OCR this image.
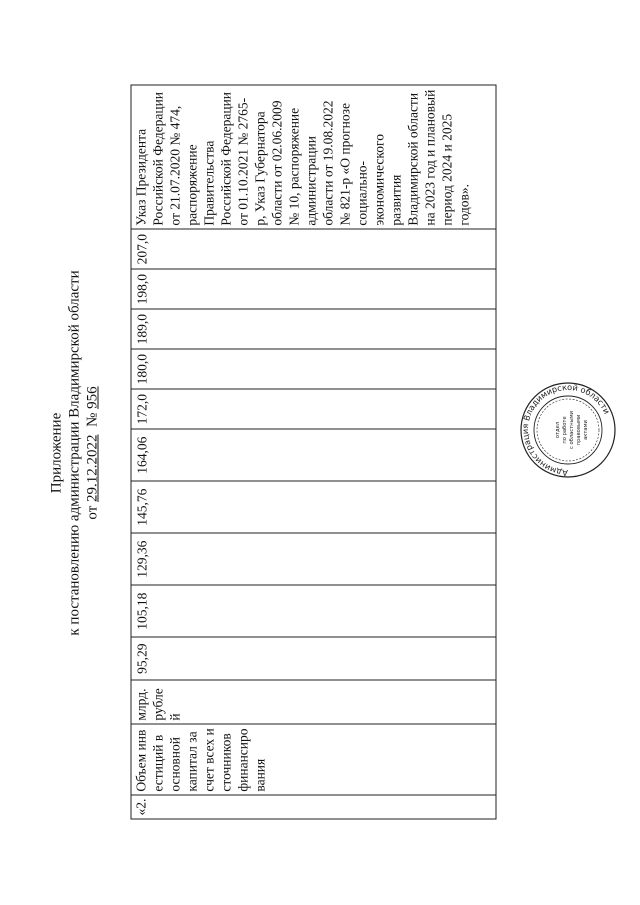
Приложение к постановлению администрации Владимирской области от 29.12.2022  № 956
«2.	Объем инвестиций в основной капитал за счет всех источников финансирования	млрд. рублей	95,29	105,18	129,36	145,76	164,06	172,0	180,0	189,0	198,0	207,0	Указ Президента Российской Федерации от 21.07.2020 № 474, распоряжение Правительства Российской Федерации от 01.10.2021 № 2765-р, Указ Губернатора области от 02.06.2009 № 10, распоряжение администрации области от 19.08.2022 № 821-р «О прогнозе социально-экономического развития Владимирской области на 2023 год и плановый период 2024 и 2025 годов».
Администрация Владимирской области
отдел по работе с областными правовыми актами
